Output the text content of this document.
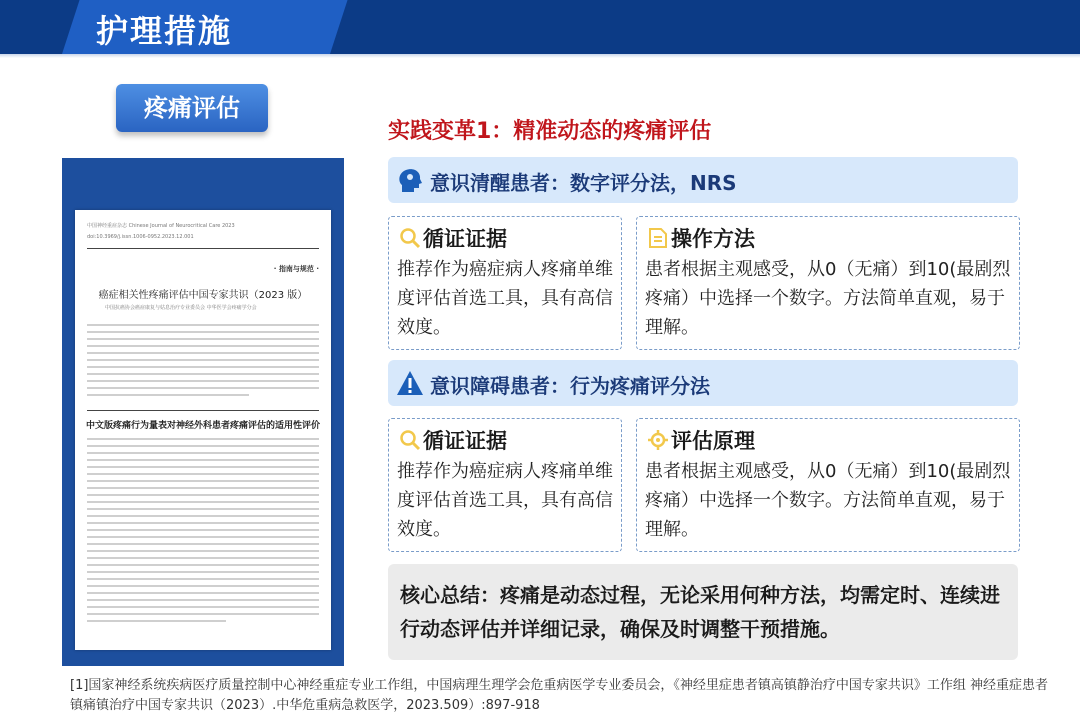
护理措施
疼痛评估
中国神经重症杂志 Chinese Journal of Neurocritical Care 2023
doi:10.3969/j.issn.1006-0952.2023.12.001
· 指南与规范 ·
癌症相关性疼痛评估中国专家共识（2023 版）
中国抗癌协会癌症康复与姑息治疗专业委员会 中华医学会疼痛学分会
中文版疼痛行为量表对神经外科患者疼痛评估的适用性评价
实践变革1：精准动态的疼痛评估
意识清醒患者：数字评分法，NRS
循证证据
推荐作为癌症病人疼痛单维度评估首选工具，具有高信效度。
操作方法
患者根据主观感受，从0（无痛）到10(最剧烈疼痛）中选择一个数字。方法简单直观，易于理解。
意识障碍患者：行为疼痛评分法
循证证据
推荐作为癌症病人疼痛单维度评估首选工具，具有高信效度。
评估原理
患者根据主观感受，从0（无痛）到10(最剧烈疼痛）中选择一个数字。方法简单直观，易于理解。
核心总结：疼痛是动态过程，无论采用何种方法，均需定时、连续进行动态评估并详细记录，确保及时调整干预措施。
[1]国家神经系统疾病医疗质量控制中心神经重症专业工作组，中国病理生理学会危重病医学专业委员会，《神经里症患者镇高镇静治疗中国专家共识》工作组 神经重症患者镇痛镇治疗中国专家共识（2023）.中华危重病急救医学，2023.509）:897-918
